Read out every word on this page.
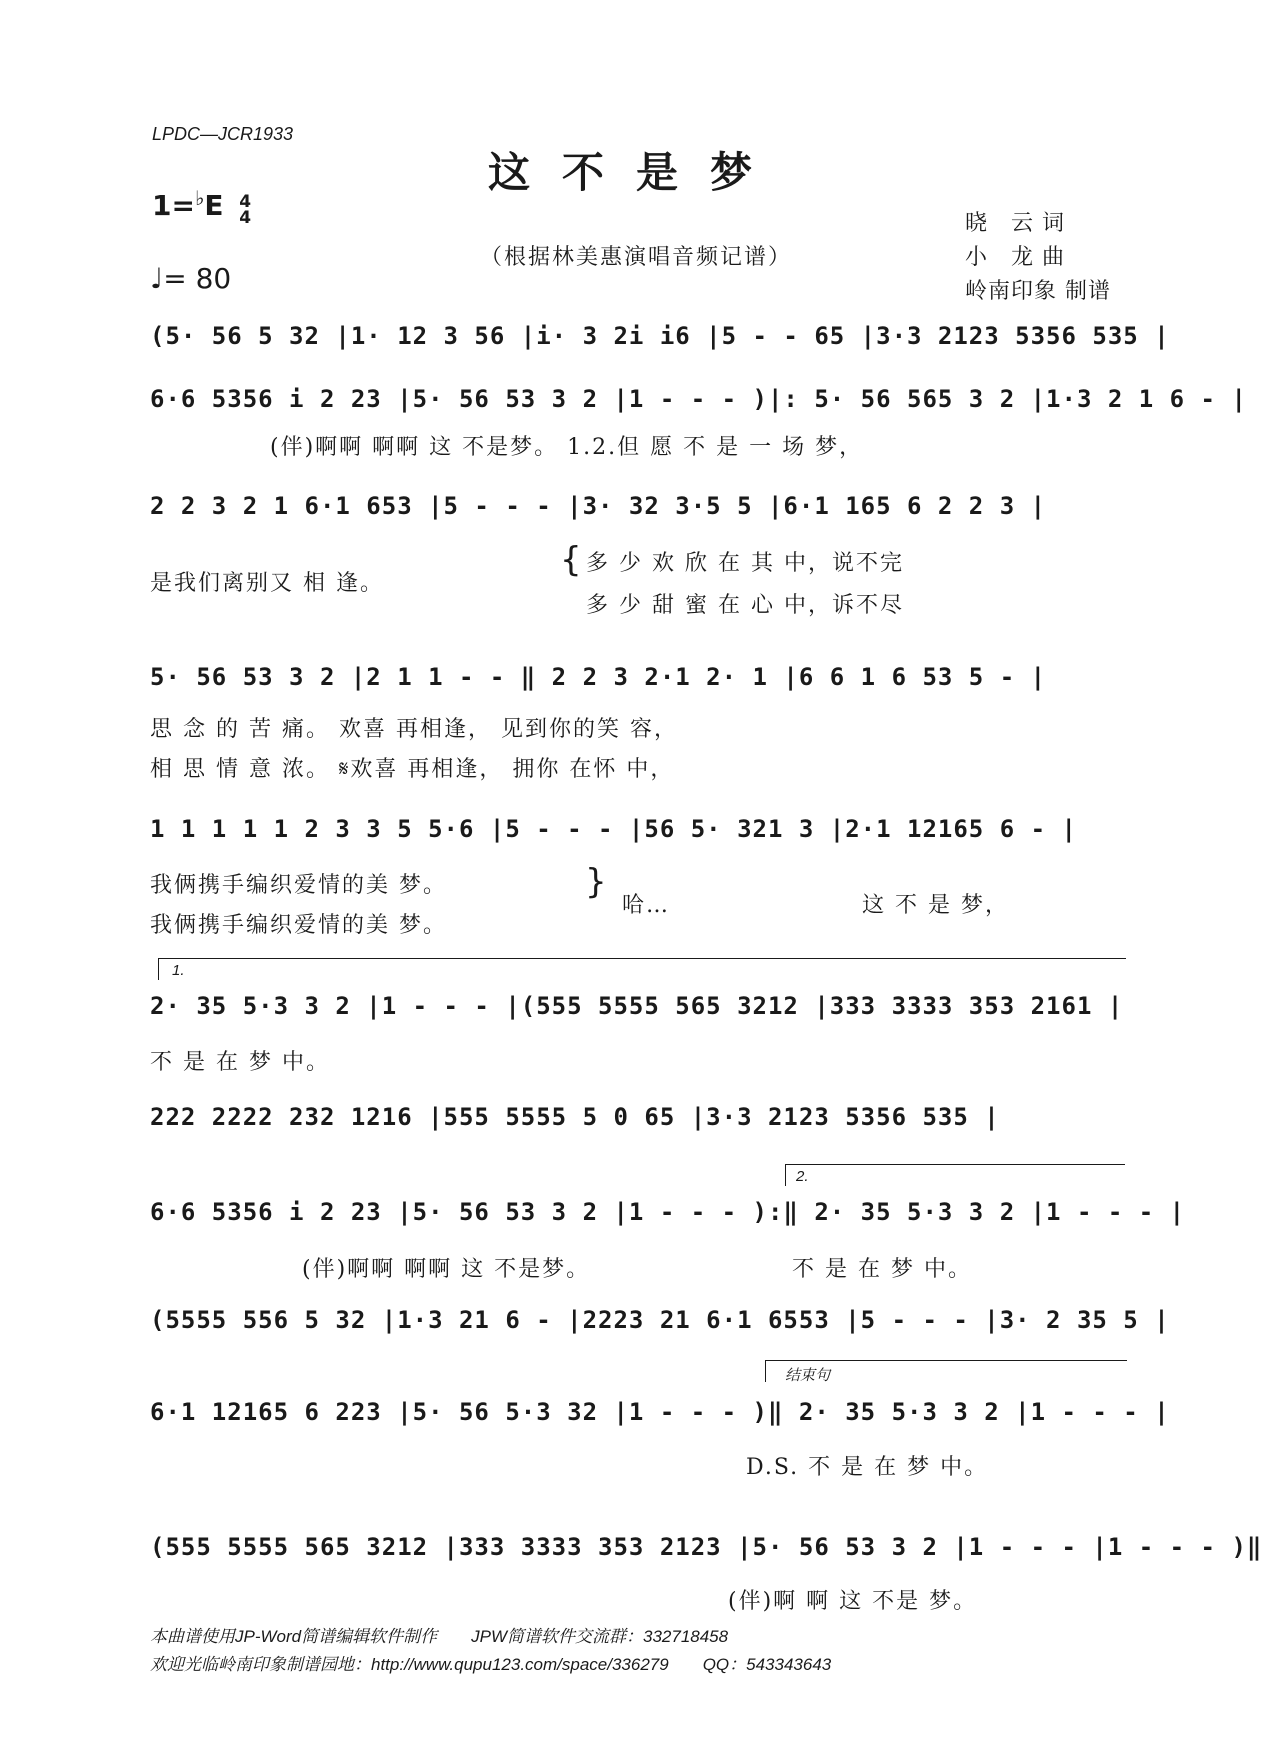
LPDC—JCR1933
这不是梦
1=♭E 4
4
♩= 80
（根据林美惠演唱音频记谱）
晓　云 词
小　龙 曲
岭南印象 制谱
(5· 56 5 32 |1· 12 3 56 |i· 3 2i i6 |5 - - 65 |3·3 2123 5356 535 |
6·6 5356 i 2 23 |5· 56 53 3 2 |1 - - - )|: 5· 56 565 3 2 |1·3 2 1 6 - |
(伴)啊啊 啊啊 这 不是梦。 1.2.但 愿 不 是 一 场 梦，
2 2 3 2 1 6·1 653 |5 - - - |3· 32 3·5 5 |6·1 165 6 2 2 3 |
是我们离别又 相 逢。
{ 多 少 欢 欣 在 其 中，说不完
多 少 甜 蜜 在 心 中，诉不尽
5· 56 53 3 2 |2 1 1 - - ‖ 2 2 3 2·1 2· 1 |6 6 1 6 53 5 - |
思 念 的 苦 痛。 欢喜 再相逢， 见到你的笑 容，
相 思 情 意 浓。 𝄋欢喜 再相逢， 拥你 在怀 中，
1 1 1 1 1 2 3 3 5 5·6 |5 - - - |56 5· 321 3 |2·1 12165 6 - |
我俩携手编织爱情的美 梦。
我俩携手编织爱情的美 梦。
}
哈…	这 不 是 梦，
1.
2· 35 5·3 3 2 |1 - - - |(555 5555 565 3212 |333 3333 353 2161 |
不 是 在 梦 中。
222 2222 232 1216 |555 5555 5 0 65 |3·3 2123 5356 535 |
2.
6·6 5356 i 2 23 |5· 56 53 3 2 |1 - - - ):‖ 2· 35 5·3 3 2 |1 - - - |
(伴)啊啊 啊啊 这 不是梦。	不 是 在 梦 中。
(5555 556 5 32 |1·3 21 6 - |2223 21 6·1 6553 |5 - - - |3· 2 35 5 |
结束句
6·1 12165 6 223 |5· 56 5·3 32 |1 - - - )‖ 2· 35 5·3 3 2 |1 - - - |
D.S. 不 是 在 梦 中。
(555 5555 565 3212 |333 3333 353 2123 |5· 56 53 3 2 |1 - - - |1 - - - )‖
(伴)啊 啊 这 不是 梦。
本曲谱使用JP-Word简谱编辑软件制作　　JPW简谱软件交流群：332718458
欢迎光临岭南印象制谱园地：http://www.qupu123.com/space/336279　　QQ：543343643
